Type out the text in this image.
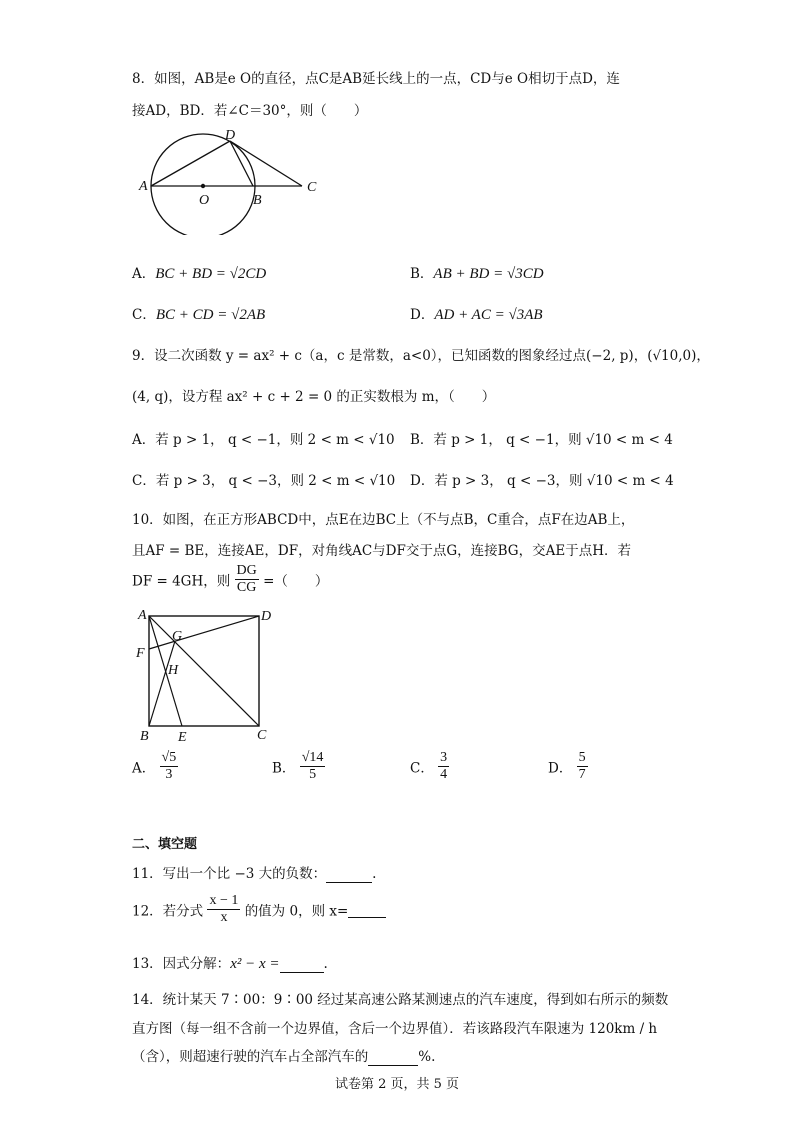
8．如图，AB是e O的直径，点C是AB延长线上的一点，CD与e O相切于点D，连
接AD，BD．若∠C＝30°，则（　　）
A
O	B
C
D
A．BC + BD = √2CD	B．AB + BD = √3CD
C．BC + CD = √2AB	D．AD + AC = √3AB
9．设二次函数 y = ax² + c（a，c 是常数，a<0），已知函数的图象经过点(−2, p)，(√10,0)，
(4, q)，设方程 ax² + c + 2 = 0 的正实数根为 m，（　　）
A．若 p > 1， q < −1，则 2 < m < √10 B．若 p > 1， q < −1，则 √10 < m < 4
C．若 p > 3， q < −3，则 2 < m < √10 D．若 p > 3， q < −3，则 √10 < m < 4
10．如图，在正方形ABCD中，点E在边BC上（不与点B，C重合，点F在边AB上，
且AF = BE，连接AE，DF，对角线AC与DF交于点G，连接BG，交AE于点H．若
DF = 4GH，则 $\frac{DG}{CG}$ =（　　）
A	D
G
F
H
B E	C
A． $\frac{√5}{3}$	B． $\frac{√14}{5}$	C． $\frac{3}{4}$	D． $\frac{5}{7}$
二、填空题
11．写出一个比 −3 大的负数：	.
12．若分式 $\frac{x - 1}{x}$ 的值为 0，则 x=
13．因式分解：x² − x =	.
14．统计某天 7∶00：9∶00 经过某高速公路某测速点的汽车速度，得到如右所示的频数
直方图（每一组不含前一个边界值，含后一个边界值）．若该路段汽车限速为 120km / h
（含），则超速行驶的汽车占全部汽车的	%.
试卷第 2 页，共 5 页
